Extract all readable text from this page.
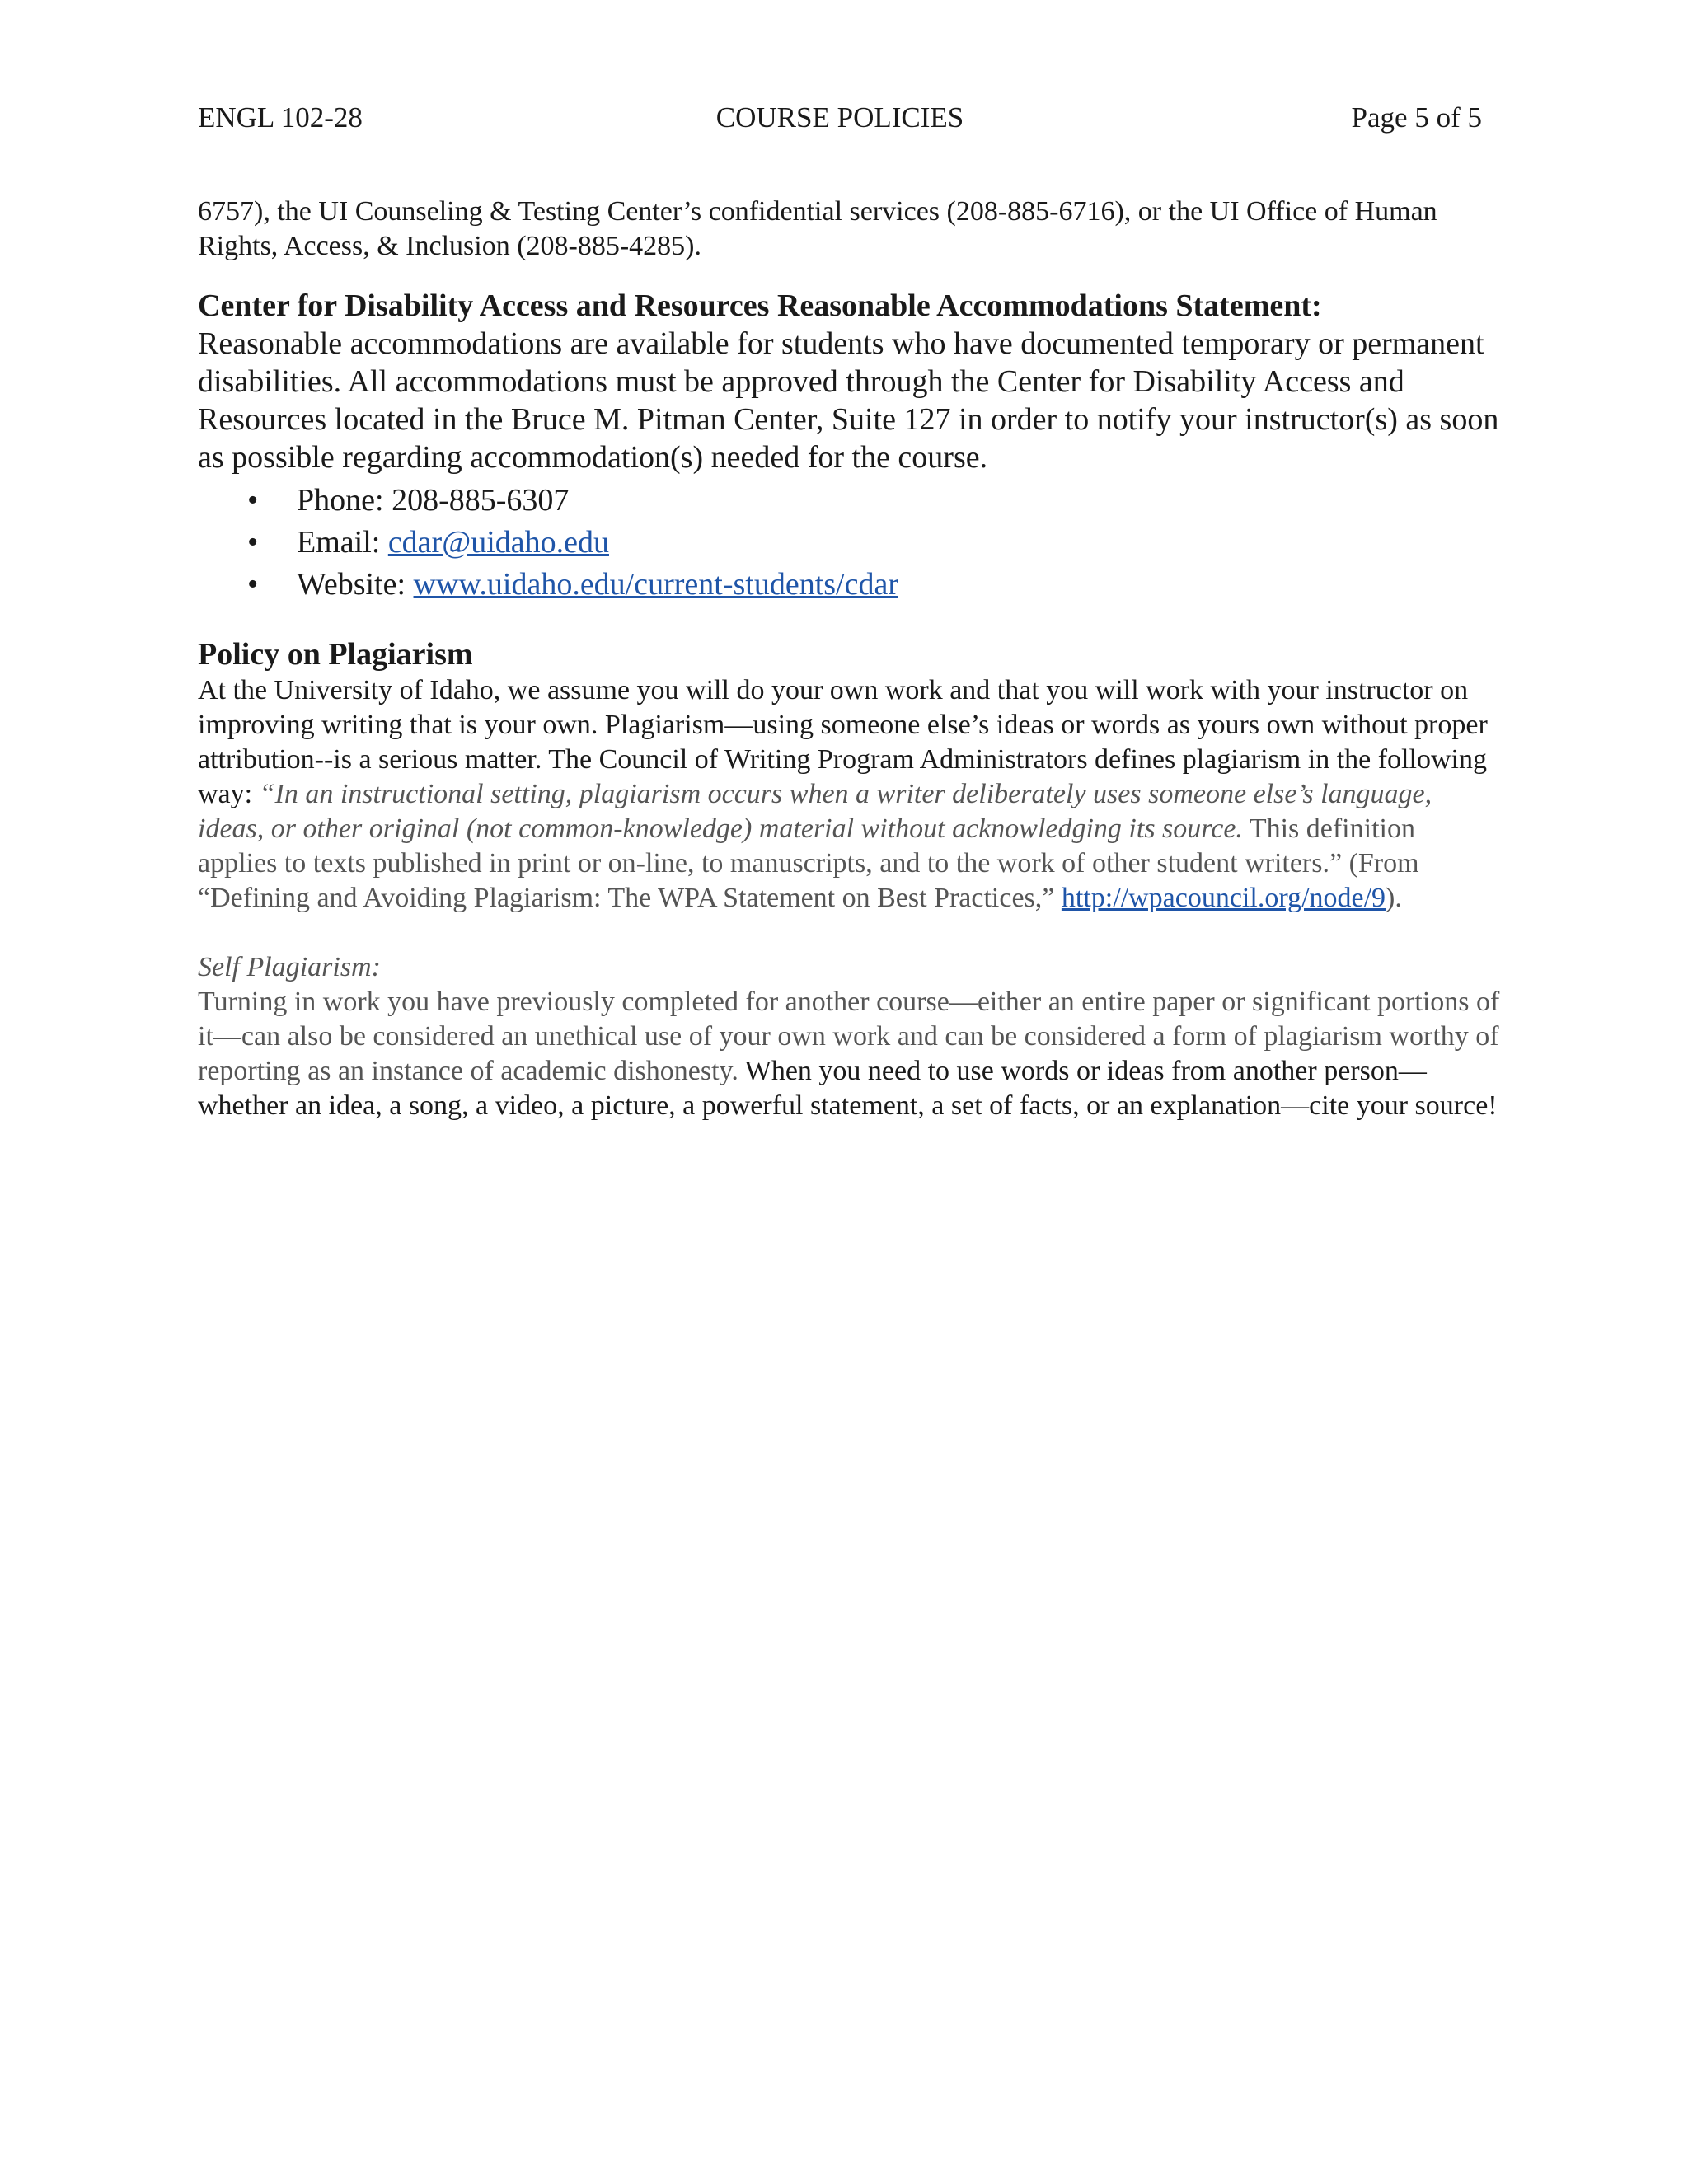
ENGL 102-28	COURSE POLICIES	Page 5 of 5

6757), the UI Counseling & Testing Center’s confidential services (208-885-6716), or the UI Office of Human Rights, Access, & Inclusion (208-885-4285).

Center for Disability Access and Resources Reasonable Accommodations Statement:

Reasonable accommodations are available for students who have documented temporary or permanent disabilities. All accommodations must be approved through the Center for Disability Access and Resources located in the Bruce M. Pitman Center, Suite 127 in order to notify your instructor(s) as soon as possible regarding accommodation(s) needed for the course.

• Phone: 208-885-6307
• Email: cdar@uidaho.edu
• Website: www.uidaho.edu/current-students/cdar

Policy on Plagiarism

At the University of Idaho, we assume you will do your own work and that you will work with your instructor on improving writing that is your own. Plagiarism—using someone else’s ideas or words as yours own without proper attribution--is a serious matter. The Council of Writing Program Administrators defines plagiarism in the following way: “In an instructional setting, plagiarism occurs when a writer deliberately uses someone else’s language, ideas, or other original (not common-knowledge) material without acknowledging its source. This definition applies to texts published in print or on-line, to manuscripts, and to the work of other student writers.” (From “Defining and Avoiding Plagiarism: The WPA Statement on Best Practices,” http://wpacouncil.org/node/9).

Self Plagiarism:

Turning in work you have previously completed for another course—either an entire paper or significant portions of it—can also be considered an unethical use of your own work and can be considered a form of plagiarism worthy of reporting as an instance of academic dishonesty. When you need to use words or ideas from another person—whether an idea, a song, a video, a picture, a powerful statement, a set of facts, or an explanation—cite your source!
